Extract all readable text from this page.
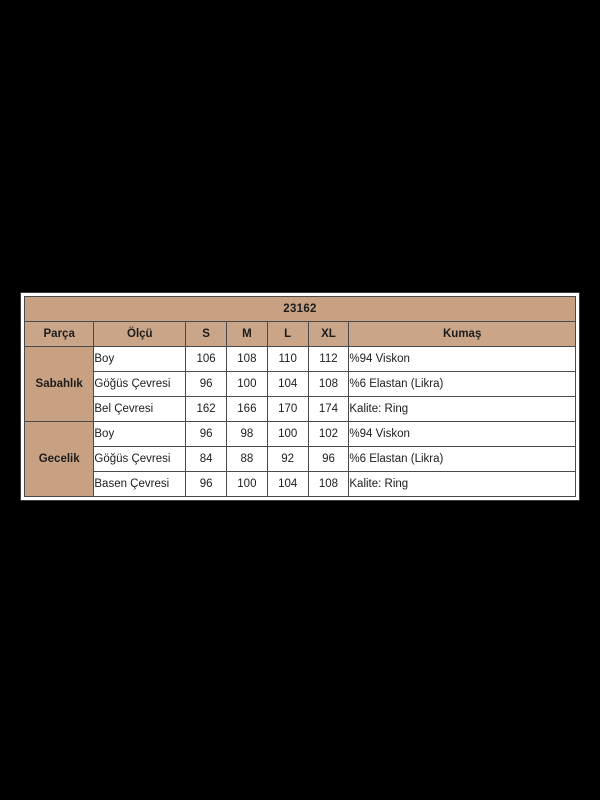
23162						
Parça	Ölçü	S	M	L	XL	Kumaş
Sabahlık	Boy	106	108	110	112	%94 Viskon
	Göğüs Çevresi	96	100	104	108	%6 Elastan (Likra)
	Bel Çevresi	162	166	170	174	Kalite: Ring
Gecelik	Boy	96	98	100	102	%94 Viskon
	Göğüs Çevresi	84	88	92	96	%6 Elastan (Likra)
	Basen Çevresi	96	100	104	108	Kalite: Ring
